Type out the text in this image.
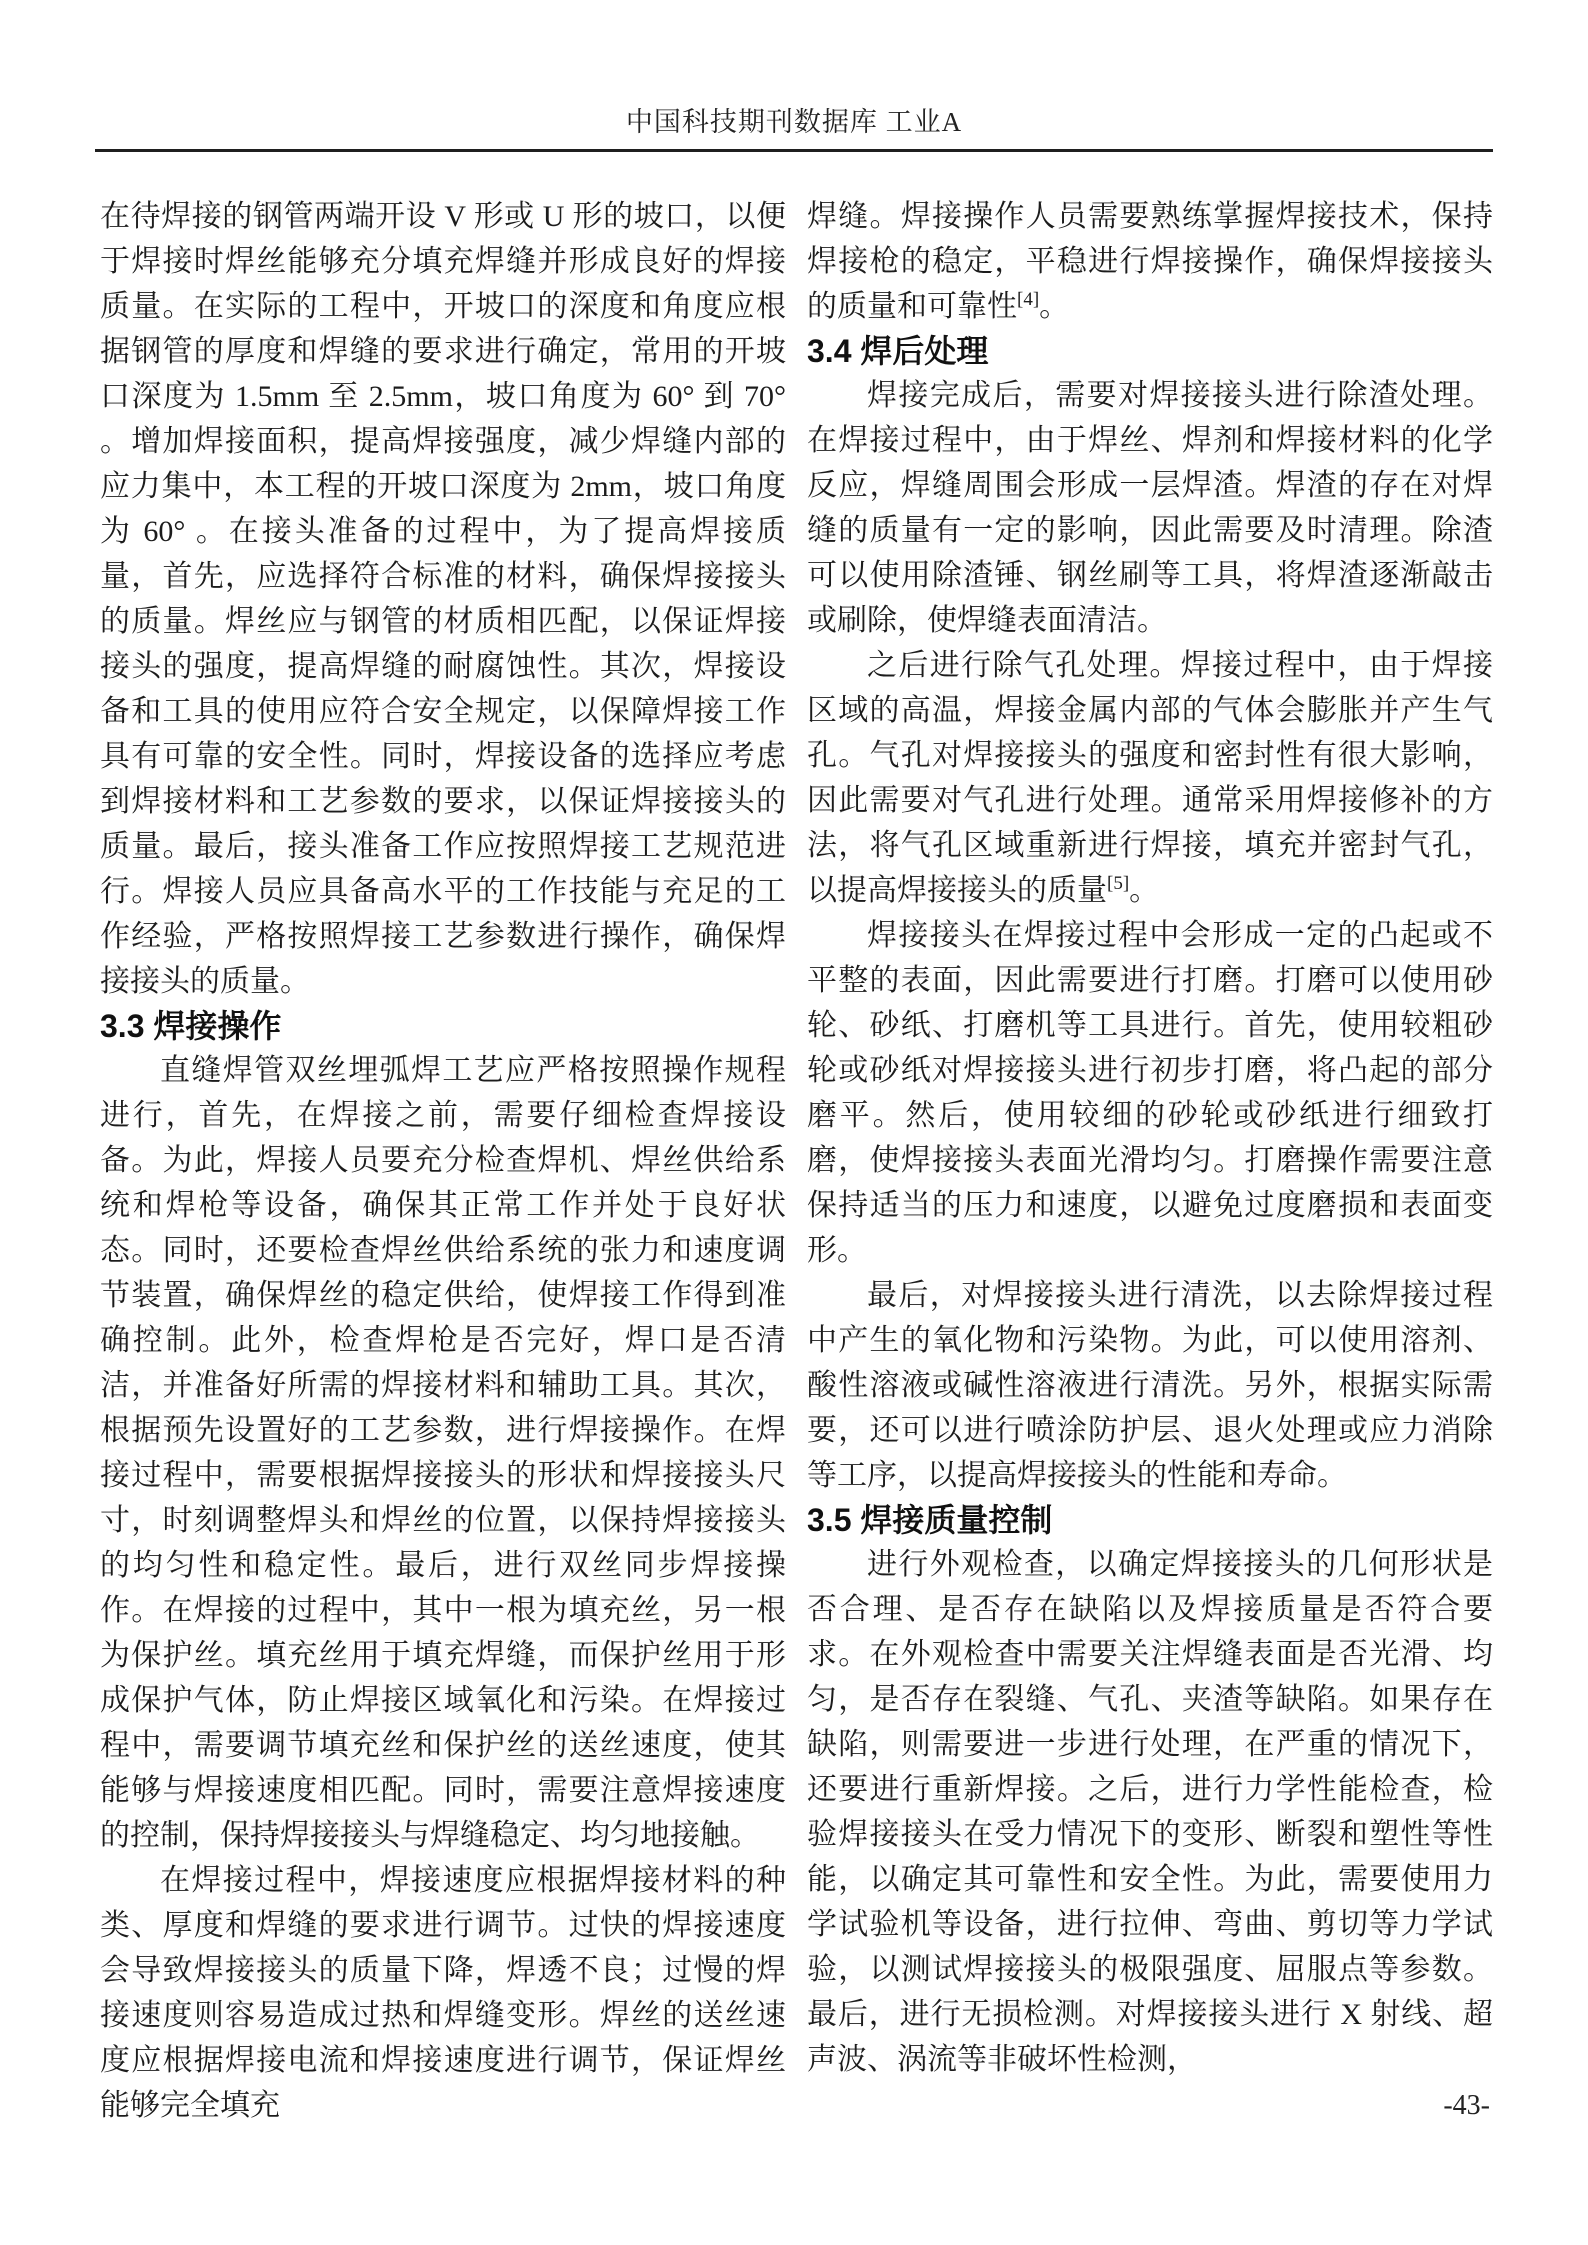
中国科技期刊数据库 工业A

在待焊接的钢管两端开设 V 形或 U 形的坡口，以便于焊接时焊丝能够充分填充焊缝并形成良好的焊接质量。在实际的工程中，开坡口的深度和角度应根据钢管的厚度和焊缝的要求进行确定，常用的开坡口深度为 1.5mm 至 2.5mm，坡口角度为 60° 到 70° 。增加焊接面积，提高焊接强度，减少焊缝内部的应力集中，本工程的开坡口深度为 2mm，坡口角度为 60° 。在接头准备的过程中，为了提高焊接质量，首先，应选择符合标准的材料，确保焊接接头的质量。焊丝应与钢管的材质相匹配，以保证焊接接头的强度，提高焊缝的耐腐蚀性。其次，焊接设备和工具的使用应符合安全规定，以保障焊接工作具有可靠的安全性。同时，焊接设备的选择应考虑到焊接材料和工艺参数的要求，以保证焊接接头的质量。最后，接头准备工作应按照焊接工艺规范进行。焊接人员应具备高水平的工作技能与充足的工作经验，严格按照焊接工艺参数进行操作，确保焊接接头的质量。

3.3 焊接操作

直缝焊管双丝埋弧焊工艺应严格按照操作规程进行，首先，在焊接之前，需要仔细检查焊接设备。为此，焊接人员要充分检查焊机、焊丝供给系统和焊枪等设备，确保其正常工作并处于良好状态。同时，还要检查焊丝供给系统的张力和速度调节装置，确保焊丝的稳定供给，使焊接工作得到准确控制。此外，检查焊枪是否完好，焊口是否清洁，并准备好所需的焊接材料和辅助工具。其次，根据预先设置好的工艺参数，进行焊接操作。在焊接过程中，需要根据焊接接头的形状和焊接接头尺寸，时刻调整焊头和焊丝的位置，以保持焊接接头的均匀性和稳定性。最后，进行双丝同步焊接操作。在焊接的过程中，其中一根为填充丝，另一根为保护丝。填充丝用于填充焊缝，而保护丝用于形成保护气体，防止焊接区域氧化和污染。在焊接过程中，需要调节填充丝和保护丝的送丝速度，使其能够与焊接速度相匹配。同时，需要注意焊接速度的控制，保持焊接接头与焊缝稳定、均匀地接触。

在焊接过程中，焊接速度应根据焊接材料的种类、厚度和焊缝的要求进行调节。过快的焊接速度会导致焊接接头的质量下降，焊透不良；过慢的焊接速度则容易造成过热和焊缝变形。焊丝的送丝速度应根据焊接电流和焊接速度进行调节，保证焊丝能够完全填充

焊缝。焊接操作人员需要熟练掌握焊接技术，保持焊接枪的稳定，平稳进行焊接操作，确保焊接接头的质量和可靠性[4]。

3.4 焊后处理

焊接完成后，需要对焊接接头进行除渣处理。在焊接过程中，由于焊丝、焊剂和焊接材料的化学反应，焊缝周围会形成一层焊渣。焊渣的存在对焊缝的质量有一定的影响，因此需要及时清理。除渣可以使用除渣锤、钢丝刷等工具，将焊渣逐渐敲击或刷除，使焊缝表面清洁。

之后进行除气孔处理。焊接过程中，由于焊接区域的高温，焊接金属内部的气体会膨胀并产生气孔。气孔对焊接接头的强度和密封性有很大影响，因此需要对气孔进行处理。通常采用焊接修补的方法，将气孔区域重新进行焊接，填充并密封气孔，以提高焊接接头的质量[5]。

焊接接头在焊接过程中会形成一定的凸起或不平整的表面，因此需要进行打磨。打磨可以使用砂轮、砂纸、打磨机等工具进行。首先，使用较粗砂轮或砂纸对焊接接头进行初步打磨，将凸起的部分磨平。然后，使用较细的砂轮或砂纸进行细致打磨，使焊接接头表面光滑均匀。打磨操作需要注意保持适当的压力和速度，以避免过度磨损和表面变形。

最后，对焊接接头进行清洗，以去除焊接过程中产生的氧化物和污染物。为此，可以使用溶剂、酸性溶液或碱性溶液进行清洗。另外，根据实际需要，还可以进行喷涂防护层、退火处理或应力消除等工序，以提高焊接接头的性能和寿命。

3.5 焊接质量控制

进行外观检查，以确定焊接接头的几何形状是否合理、是否存在缺陷以及焊接质量是否符合要求。在外观检查中需要关注焊缝表面是否光滑、均匀，是否存在裂缝、气孔、夹渣等缺陷。如果存在缺陷，则需要进一步进行处理，在严重的情况下，还要进行重新焊接。之后，进行力学性能检查，检验焊接接头在受力情况下的变形、断裂和塑性等性能，以确定其可靠性和安全性。为此，需要使用力学试验机等设备，进行拉伸、弯曲、剪切等力学试验，以测试焊接接头的极限强度、屈服点等参数。最后，进行无损检测。对焊接接头进行 X 射线、超声波、涡流等非破坏性检测，

-43-
